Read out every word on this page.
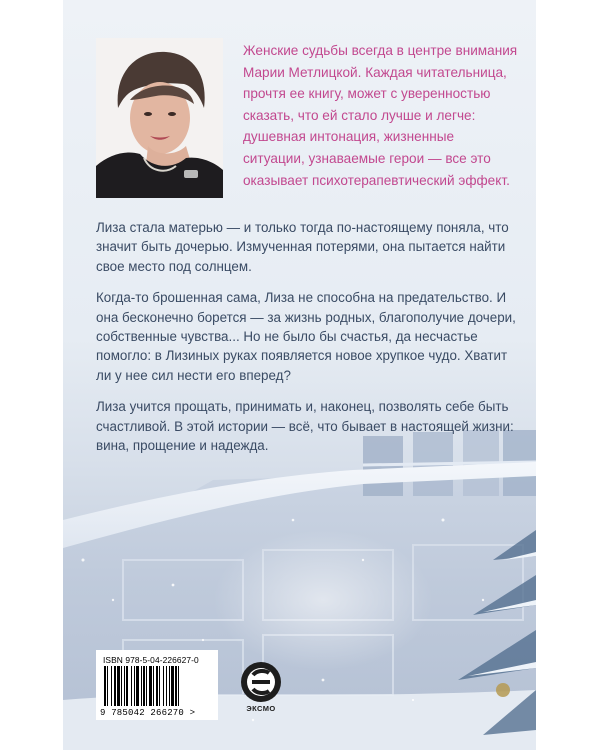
Женские судьбы всегда в центре внимания Марии Метлицкой. Каждая читательница, прочтя ее книгу, может с уверенностью сказать, что ей стало лучше и легче: душевная интонация, жизненные ситуации, узнаваемые герои — все это оказывает психотерапевтический эффект.

Лиза стала матерью — и только тогда по-настоящему поняла, что значит быть дочерью. Измученная потерями, она пытается найти свое место под солнцем.

Когда-то брошенная сама, Лиза не способна на предательство. И она бесконечно борется — за жизнь родных, благополучие дочери, собственные чувства... Но не было бы счастья, да несчастье помогло: в Лизиных руках появляется новое хрупкое чудо. Хватит ли у нее сил нести его вперед?

Лиза учится прощать, принимать и, наконец, позволять себе быть счастливой. В этой истории — всё, что бывает в настоящей жизни: вина, прощение и надежда.

ISBN 978-5-04-226627-0
9 785042 266270 >	ЭКСМО
